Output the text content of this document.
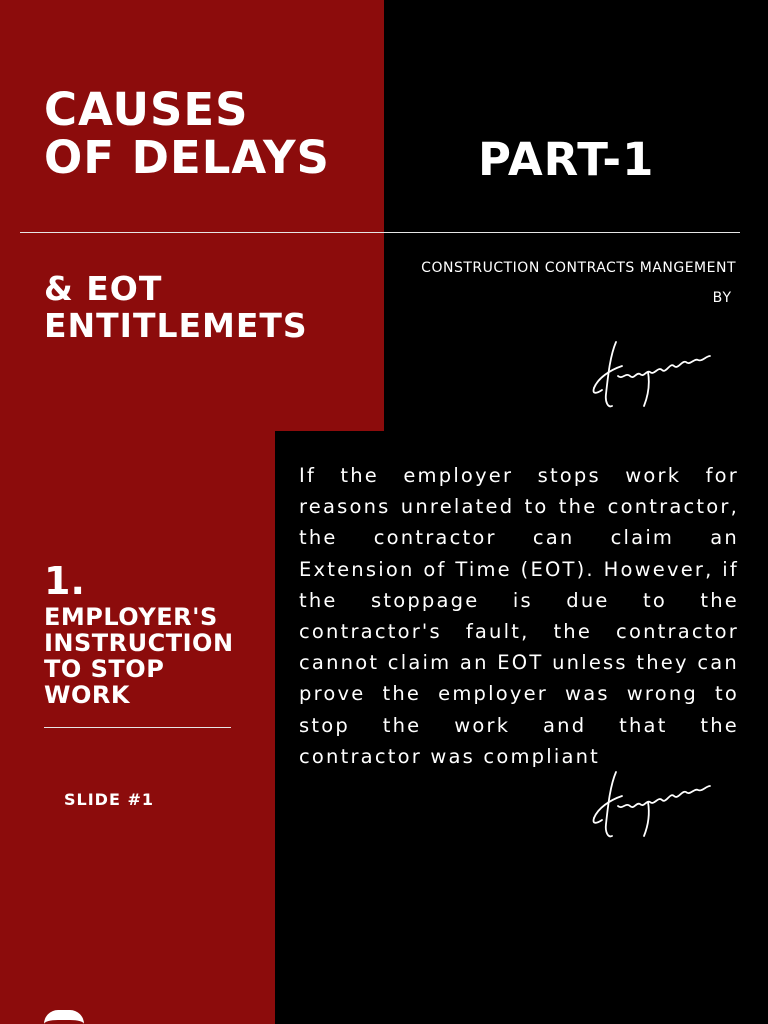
CAUSES
OF DELAYS	PART-1
& EOT
ENTITLEMETS
CONSTRUCTION CONTRACTS MANGEMENT
BY
1.
EMPLOYER'S
INSTRUCTION
TO STOP
WORK
SLIDE #1
If the employer stops work for reasons unrelated to the contractor, the contractor can claim an Extension of Time (EOT). However, if the stoppage is due to the contractor's fault, the contractor cannot claim an EOT unless they can prove the employer was wrong to stop the work and that the contractor was compliant
